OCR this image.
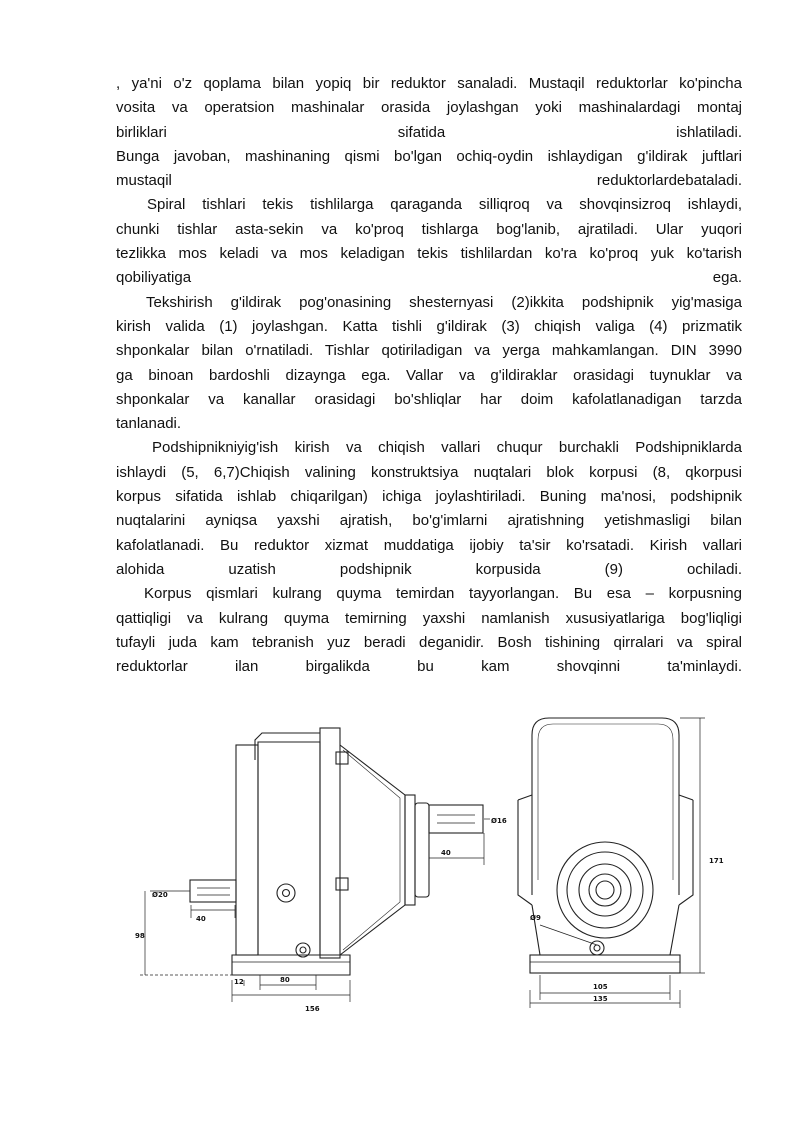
, ya'ni o'z qoplama bilan yopiq bir reduktor sanaladi. Mustaqil reduktorlar ko'pincha
vosita va operatsion mashinalar orasida joylashgan yoki mashinalardagi montaj
birliklari sifatida ishlatiladi.
Bunga javoban, mashinaning qismi bo'lgan ochiq-oydin ishlaydigan g'ildirak juftlari
mustaqil reduktorlardebataladi.
Spiral tishlari tekis tishlilarga qaraganda silliqroq va shovqinsizroq ishlaydi,
chunki tishlar asta-sekin va ko'proq tishlarga bog'lanib, ajratiladi. Ular yuqori
tezlikka mos keladi va mos keladigan tekis tishlilardan ko'ra ko'proq yuk ko'tarish
qobiliyatiga ega.
Tekshirish g'ildirak pog'onasining shesternyasi (2)ikkita podshipnik yig'masiga
kirish valida (1) joylashgan. Katta tishli g'ildirak (3) chiqish valiga (4) prizmatik
shponkalar bilan o'rnatiladi. Tishlar qotiriladigan va yerga mahkamlangan. DIN 3990
ga binoan bardoshli dizaynga ega. Vallar va g'ildiraklar orasidagi tuynuklar va
shponkalar va kanallar orasidagi bo'shliqlar har doim kafolatlanadigan tarzda
tanlanadi.
Podshipnikniyig'ish kirish va chiqish vallari chuqur burchakli Podshipniklarda
ishlaydi (5, 6,7)Chiqish valining konstruktsiya nuqtalari blok korpusi (8, qkorpusi
korpus sifatida ishlab chiqarilgan) ichiga joylashtiriladi. Buning ma'nosi, podshipnik
nuqtalarini ayniqsa yaxshi ajratish, bo'g'imlarni ajratishning yetishmasligi bilan
kafolatlanadi. Bu reduktor xizmat muddatiga ijobiy ta'sir ko'rsatadi. Kirish vallari
alohida uzatish podshipnik korpusida (9) ochiladi.
Korpus qismlari kulrang quyma temirdan tayyorlangan. Bu esa – korpusning
qattiqligi va kulrang quyma temirning yaxshi namlanish xususiyatlariga bog'liqligi
tufayli juda kam tebranish yuz beradi deganidir. Bosh tishining qirralari va spiral
reduktorlar ilan birgalikda bu kam shovqinni ta'minlaydi.
Ø20
40
98
12	80
156
Ø16
40
171
Ø9
105
135
